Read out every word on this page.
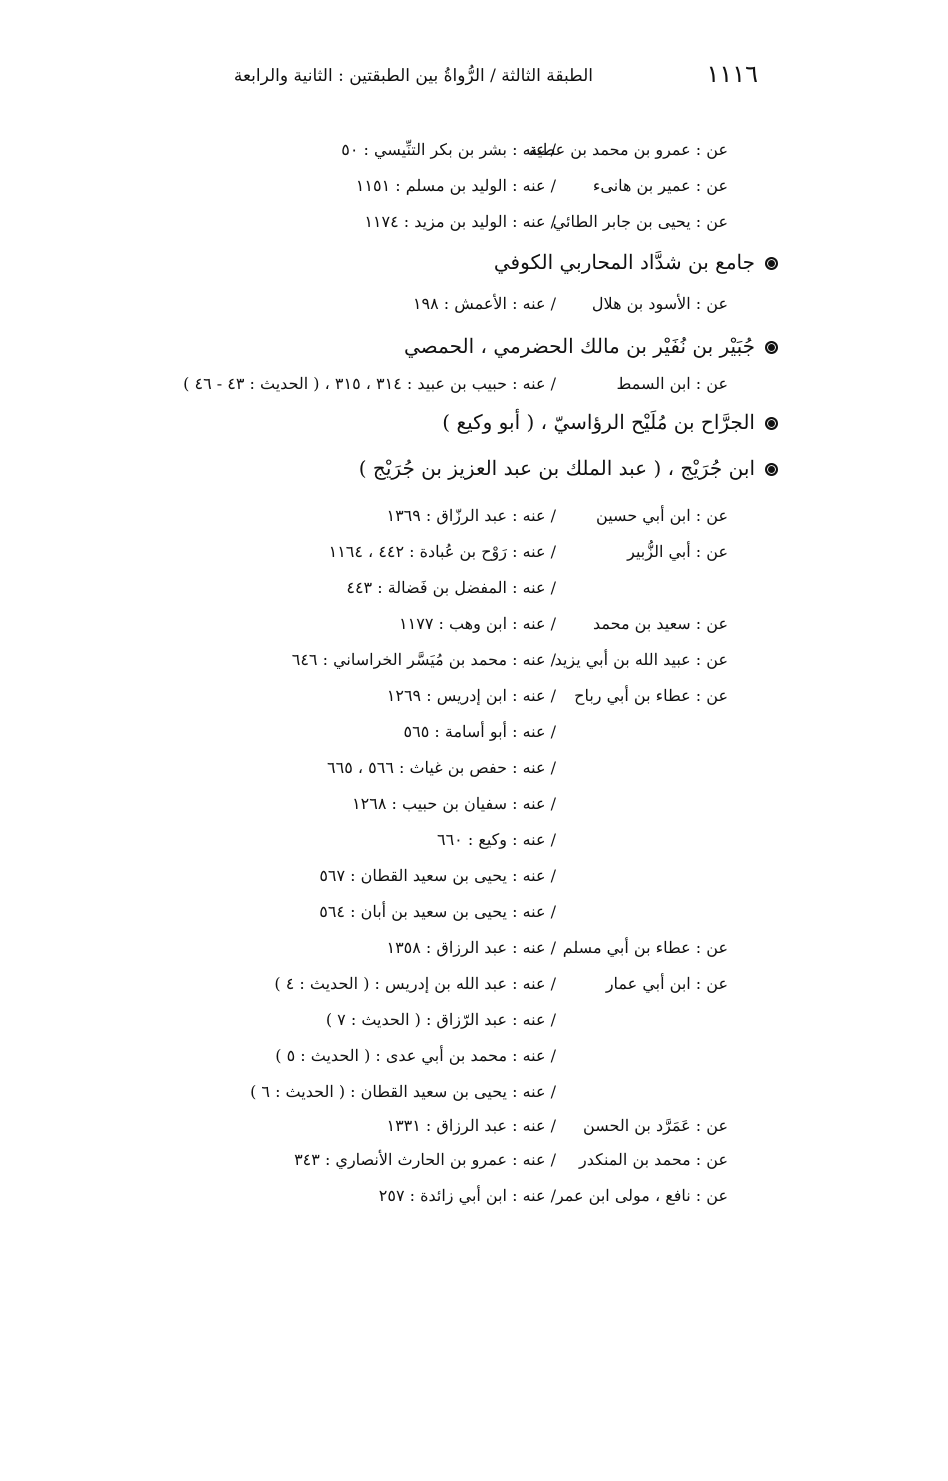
١١١٦
الطبقة الثالثة / الرُّواةُ بين الطبقتين : الثانية والرابعة
عن : عمرو بن محمد بن عطية
/ عنه : بشر بن بكر التنِّيسي : ٥٠
عن : عمير بن هانىء
/ عنه : الوليد بن مسلم : ١١٥١
عن : يحيى بن جابر الطائي
/ عنه : الوليد بن مزيد : ١١٧٤
جامع بن شدَّاد المحاربي الكوفي
عن : الأسود بن هلال
/ عنه : الأعمش : ١٩٨
جُبَيْر بن نُفَيْر بن مالك الحضرمي ، الحمصي
عن : ابن السمط
/ عنه : حبيب بن عبيد : ٣١٤ ، ٣١٥ ، ( الحديث : ٤٣ - ٤٦ )
الجرَّاح بن مُلَيْح الرؤاسيّ ، ( أبو وكيع )
ابن جُرَيْج ، ( عبد الملك بن عبد العزيز بن جُرَيْج )
عن : ابن أبي حسين
/ عنه : عبد الرزّاق : ١٣٦٩
عن : أبي الزُّبير
/ عنه : رَوْح بن عُبادة : ٤٤٢ ، ١١٦٤
/ عنه : المفضل بن فَضالة : ٤٤٣
عن : سعيد بن محمد
/ عنه : ابن وهب : ١١٧٧
عن : عبيد الله بن أبي يزيد
/ عنه : محمد بن مُيَسَّر الخراساني : ٦٤٦
عن : عطاء بن أبي رباح
/ عنه : ابن إدريس : ١٢٦٩
/ عنه : أبو أسامة : ٥٦٥
/ عنه : حفص بن غياث : ٥٦٦ ، ٦٦٥
/ عنه : سفيان بن حبيب : ١٢٦٨
/ عنه : وكيع : ٦٦٠
/ عنه : يحيى بن سعيد القطان : ٥٦٧
/ عنه : يحيى بن سعيد بن أبان : ٥٦٤
عن : عطاء بن أبي مسلم
/ عنه : عبد الرزاق : ١٣٥٨
عن : ابن أبي عمار
/ عنه : عبد الله بن إدريس : ( الحديث : ٤ )
/ عنه : عبد الرّزاق : ( الحديث : ٧ )
/ عنه : محمد بن أبي عدى : ( الحديث : ٥ )
/ عنه : يحيى بن سعيد القطان : ( الحديث : ٦ )
عن : عَمَرَّد بن الحسن
/ عنه : عبد الرزاق : ١٣٣١
عن : محمد بن المنكدر
/ عنه : عمرو بن الحارث الأنصاري : ٣٤٣
عن : نافع ، مولى ابن عمر
/ عنه : ابن أبي زائدة : ٢٥٧
